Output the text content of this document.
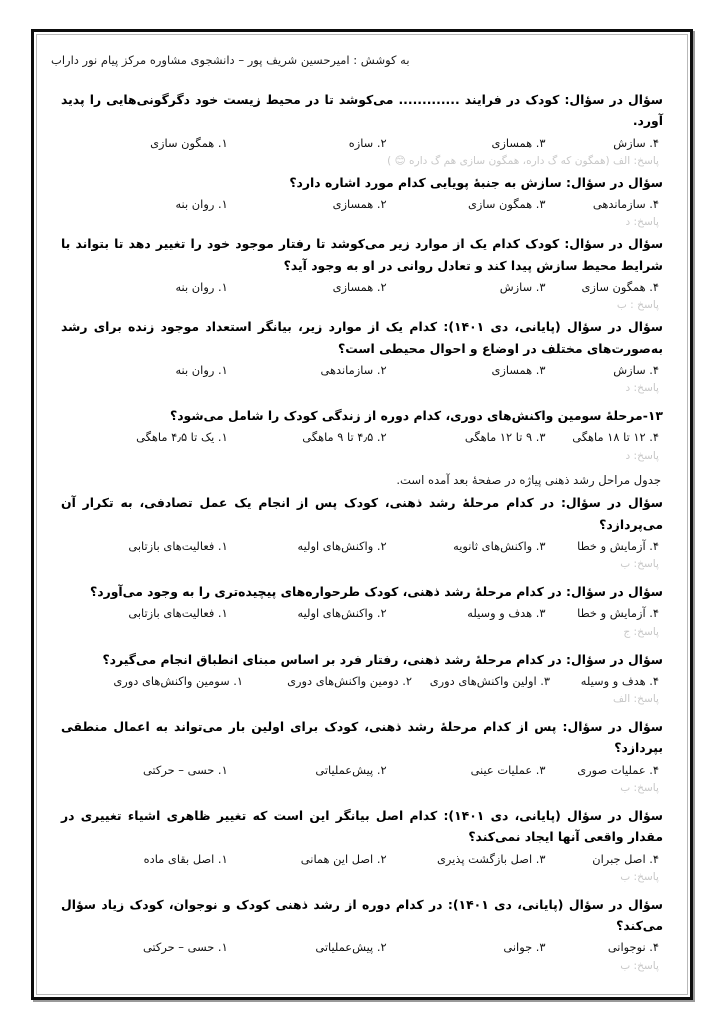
به کوشش : امیرحسین شریف پور – دانشجوی مشاوره مرکز پیام نور داراب

سؤال در سؤال: کودک در فرایند ............. می‌کوشد تا در محیط زیست خود دگرگونی‌هایی را پدید آورد.

۱. همگون سازی	۲. سازه	۳. همسازی	۴. سازش
پاسخ: الف (همگون که گ داره، همگون سازی هم گ داره 😊 )

سؤال در سؤال: سازش به جنبۀ پویایی کدام مورد اشاره دارد؟

۱. روان بنه	۲. همسازی	۳. همگون سازی	۴. سازماندهی
پاسخ: د

سؤال در سؤال: کودک کدام یک از موارد زیر می‌کوشد تا رفتار موجود خود را تغییر دهد تا بتواند با شرایط محیط سازش پیدا کند و تعادل روانی در او به وجود آید؟

۱. روان بنه	۲. همسازی	۳. سازش	۴. همگون سازی
پاسخ : ب

سؤال در سؤال (پایانی، دی ۱۴۰۱): کدام یک از موارد زیر، بیانگر استعداد موجود زنده برای رشد به‌صورت‌های مختلف در اوضاع و احوال محیطی است؟

۱. روان بنه	۲. سازماندهی	۳. همسازی	۴. سازش
پاسخ: د

۱۳-مرحلۀ سومین واکنش‌های دوری، کدام دوره از زندگی کودک را شامل می‌شود؟

۱. یک تا ۴٫۵ ماهگی	۲. ۴٫۵ تا ۹ ماهگی	۳. ۹ تا ۱۲ ماهگی	۴. ۱۲ تا ۱۸ ماهگی
پاسخ: د
جدول مراحل رشد ذهنی پیاژه در صفحۀ بعد آمده است.

سؤال در سؤال: در کدام مرحلۀ رشد ذهنی، کودک پس از انجام یک عمل تصادفی، به تکرار آن می‌پردازد؟

۱. فعالیت‌های بازتابی	۲. واکنش‌های اولیه	۳. واکنش‌های ثانویه	۴. آزمایش و خطا
پاسخ: ب

سؤال در سؤال: در کدام مرحلۀ رشد ذهنی، کودک طرحواره‌های پیچیده‌تری را به وجود می‌آورد؟

۱. فعالیت‌های بازتابی	۲. واکنش‌های اولیه	۳. هدف و وسیله	۴. آزمایش و خطا
پاسخ: ج

سؤال در سؤال: در کدام مرحلۀ رشد ذهنی، رفتار فرد بر اساس مبنای انطباق انجام می‌گیرد؟

۱. سومین واکنش‌های دوری	۲. دومین واکنش‌های دوری	۳. اولین واکنش‌های دوری	۴. هدف و وسیله
پاسخ: الف

سؤال در سؤال: پس از کدام مرحلۀ رشد ذهنی، کودک برای اولین بار می‌تواند به اعمال منطقی بپردازد؟

۱. حسی – حرکتی	۲. پیش‌عملیاتی	۳. عملیات عینی	۴. عملیات صوری
پاسخ: ب

سؤال در سؤال (پایانی، دی ۱۴۰۱): کدام اصل بیانگر این است که تغییر ظاهری اشیاء تغییری در مقدار واقعی آنها ایجاد نمی‌کند؟

۱. اصل بقای ماده	۲. اصل این همانی	۳. اصل بازگشت پذیری	۴. اصل جبران
پاسخ: ب

سؤال در سؤال (پایانی، دی ۱۴۰۱): در کدام دوره از رشد ذهنی کودک و نوجوان، کودک زیاد سؤال می‌کند؟

۱. حسی – حرکتی	۲. پیش‌عملیاتی	۳. جوانی	۴. نوجوانی
پاسخ: ب
